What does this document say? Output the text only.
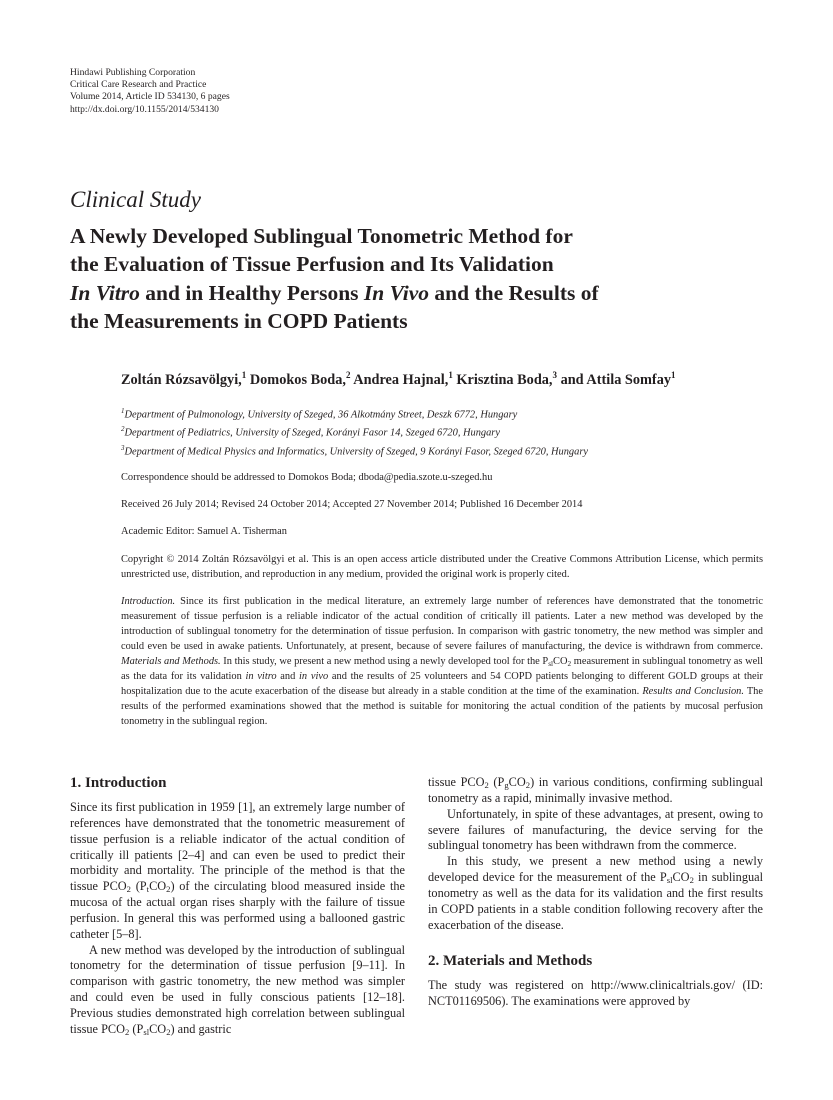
Hindawi Publishing Corporation
Critical Care Research and Practice
Volume 2014, Article ID 534130, 6 pages
http://dx.doi.org/10.1155/2014/534130
Clinical Study
A Newly Developed Sublingual Tonometric Method for
the Evaluation of Tissue Perfusion and Its Validation
In Vitro and in Healthy Persons In Vivo and the Results of
the Measurements in COPD Patients
Zoltán Rózsavölgyi,$^1$ Domokos Boda,$^2$ Andrea Hajnal,$^1$ Krisztina Boda,$^3$ and Attila Somfay$^1$
$^1$Department of Pulmonology, University of Szeged, 36 Alkotmány Street, Deszk 6772, Hungary
$^2$Department of Pediatrics, University of Szeged, Korányi Fasor 14, Szeged 6720, Hungary
$^3$Department of Medical Physics and Informatics, University of Szeged, 9 Korányi Fasor, Szeged 6720, Hungary
Correspondence should be addressed to Domokos Boda; dboda@pedia.szote.u-szeged.hu
Received 26 July 2014; Revised 24 October 2014; Accepted 27 November 2014; Published 16 December 2014
Academic Editor: Samuel A. Tisherman
Copyright © 2014 Zoltán Rózsavölgyi et al. This is an open access article distributed under the Creative Commons Attribution License, which permits unrestricted use, distribution, and reproduction in any medium, provided the original work is properly cited.
Introduction. Since its first publication in the medical literature, an extremely large number of references have demonstrated that the tonometric measurement of tissue perfusion is a reliable indicator of the actual condition of critically ill patients. Later a new method was developed by the introduction of sublingual tonometry for the determination of tissue perfusion. In comparison with gastric tonometry, the new method was simpler and could even be used in awake patients. Unfortunately, at present, because of severe failures of manufacturing, the device is withdrawn from commerce. Materials and Methods. In this study, we present a new method using a newly developed tool for the $P_{sl}CO_2$ measurement in sublingual tonometry as well as the data for its validation in vitro and in vivo and the results of 25 volunteers and 54 COPD patients belonging to different GOLD groups at their hospitalization due to the acute exacerbation of the disease but already in a stable condition at the time of the examination. Results and Conclusion. The results of the performed examinations showed that the method is suitable for monitoring the actual condition of the patients by mucosal perfusion tonometry in the sublingual region.
1. Introduction

Since its first publication in 1959 [1], an extremely large number of references have demonstrated that the tonometric measurement of tissue perfusion is a reliable indicator of the actual condition of critically ill patients [2–4] and can even be used to predict their morbidity and mortality. The principle of the method is that the tissue $PCO_2$ $(P_tCO_2)$ of the circulating blood measured inside the mucosa of the actual organ rises sharply with the failure of tissue perfusion. In general this was performed using a ballooned gastric catheter [5–8].

A new method was developed by the introduction of sublingual tonometry for the determination of tissue perfusion [9–11]. In comparison with gastric tonometry, the new method was simpler and could even be used in fully conscious patients [12–18]. Previous studies demonstrated high correlation between sublingual tissue $PCO_2$ $(P_{sl}CO_2)$ and gastric

tissue $PCO_2$ $(P_gCO_2)$ in various conditions, confirming sublingual tonometry as a rapid, minimally invasive method.

Unfortunately, in spite of these advantages, at present, owing to severe failures of manufacturing, the device serving for the sublingual tonometry has been withdrawn from the commerce.

In this study, we present a new method using a newly developed device for the measurement of the $P_{sl}CO_2$ in sublingual tonometry as well as the data for its validation and the first results in COPD patients in a stable condition following recovery after the exacerbation of the disease.

2. Materials and Methods

The study was registered on http://www.clinicaltrials.gov/ (ID: NCT01169506). The examinations were approved by
